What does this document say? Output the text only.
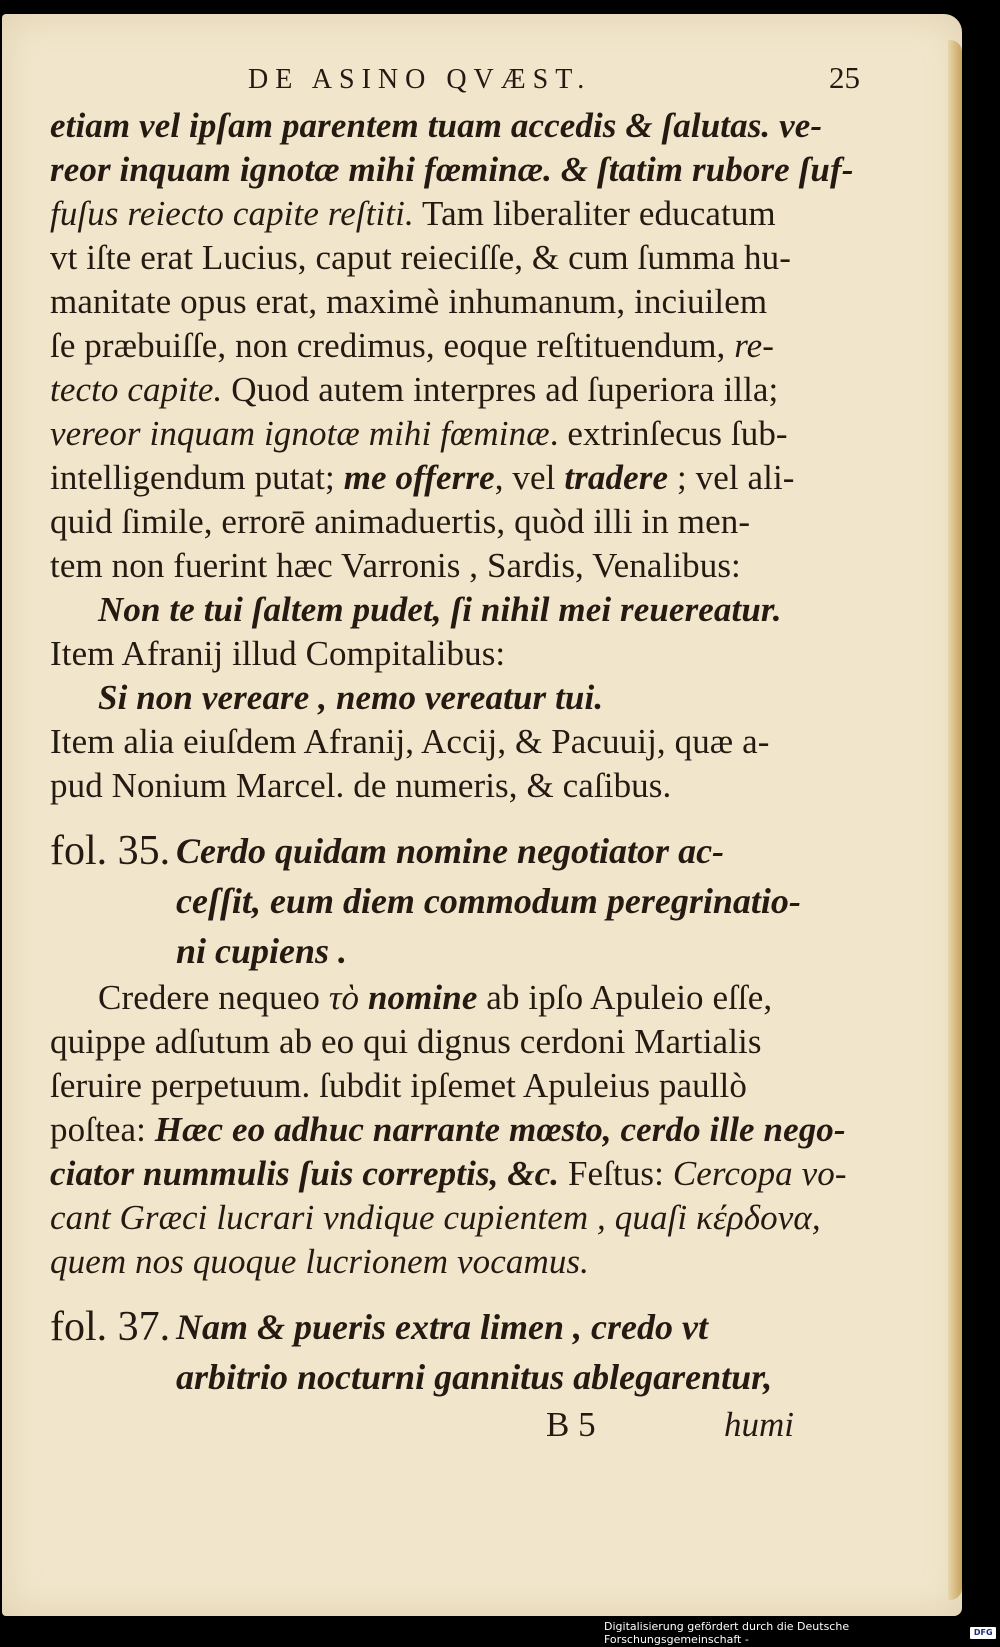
DE ASINO QVÆST.	25
etiam vel ipſam parentem tuam accedis & ſalutas. ve-
reor inquam ignotæ mihi fœminæ. & ſtatim rubore ſuf-
fuſus reiecto capite reſtiti. Tam liberaliter educatum
vt iſte erat Lucius, caput reieciſſe, & cum ſumma hu-
manitate opus erat, maximè inhumanum, inciuilem
ſe præbuiſſe, non credimus, eoque reſtituendum, re-
tecto capite. Quod autem interpres ad ſuperiora illa;
vereor inquam ignotæ mihi fœminæ. extrinſecus ſub-
intelligendum putat; me offerre, vel tradere ; vel ali-
quid ſimile, errorē animaduertis, quòd illi in men-
tem non fuerint hæc Varronis , Sardis, Venalibus:
Non te tui ſaltem pudet, ſi nihil mei reuereatur.
Item Afranij illud Compitalibus:
Si non vereare , nemo vereatur tui.
Item alia eiuſdem Afranij, Accij, & Pacuuij, quæ a-
pud Nonium Marcel. de numeris, & caſibus.
fol. 35. Cerdo quidam nomine negotiator ac-
ceſſit, eum diem commodum peregrinatio-
ni cupiens .
Credere nequeo τὸ nomine ab ipſo Apuleio eſſe,
quippe adſutum ab eo qui dignus cerdoni Martialis
ſeruire perpetuum. ſubdit ipſemet Apuleius paullò
poſtea: Hæc eo adhuc narrante mœsto, cerdo ille nego-
ciator nummulis ſuis correptis, &c. Feſtus: Cercopa vo-
cant Græci lucrari vndique cupientem , quaſi κέρδονα,
quem nos quoque lucrionem vocamus.
fol. 37. Nam & pueris extra limen , credo vt
arbitrio nocturni gannitus ablegarentur,
B 5	humi
Digitalisierung gefördert durch die Deutsche Forschungsgemeinschaft -
DFG
